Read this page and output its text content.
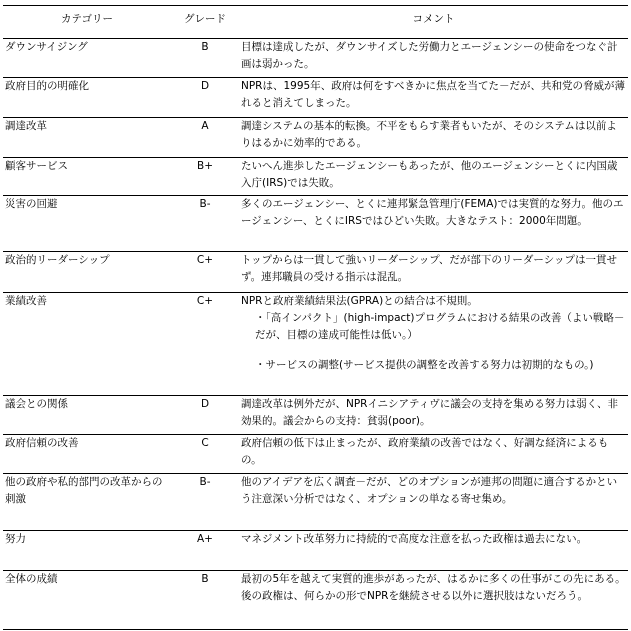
カテゴリー	グレード	コメント
ダウンサイジング	B	目標は達成したが、ダウンサイズした労働力とエージェンシーの使命をつなぐ計画は弱かった。
政府目的の明確化	D	NPRは、1995年、政府は何をすべきかに焦点を当てた－だが、共和党の脅威が薄れると消えてしまった。
調達改革	A	調達システムの基本的転換。不平をもらす業者もいたが、そのシステムは以前よりはるかに効率的である。
顧客サービス	B+	たいへん進歩したエージェンシーもあったが、他のエージェンシーとくに内国歳入庁(IRS)では失敗。
災害の回避	B-	多くのエージェンシー、とくに連邦緊急管理庁(FEMA)では実質的な努力。他のエージェンシー、とくにIRSではひどい失敗。大きなテスト：2000年問題。
政治的リーダーシップ	C+	トップからは一貫して強いリーダーシップ、だが部下のリーダーシップは一貫せず。連邦職員の受ける指示は混乱。
業績改善	C+	NPRと政府業績結果法(GPRA)との結合は不規則。
・「高インパクト」(high-impact)プログラムにおける結果の改善（よい戦略－だが、目標の達成可能性は低い。）
・サービスの調整(サービス提供の調整を改善する努力は初期的なもの。)

議会との関係	D	調達改革は例外だが、NPRイニシアティヴに議会の支持を集める努力は弱く、非効果的。議会からの支持：貧弱(poor)。
政府信頼の改善	C	政府信頼の低下は止まったが、政府業績の改善ではなく、好調な経済によるもの。
他の政府や私的部門の改革からの刺激	B-	他のアイデアを広く調査－だが、どのオプションが連邦の問題に適合するかという注意深い分析ではなく、オプションの単なる寄せ集め。
努力	A+	マネジメント改革努力に持続的で高度な注意を払った政権は過去にない。
全体の成績	B	最初の5年を越えて実質的進歩があったが、はるかに多くの仕事がこの先にある。後の政権は、何らかの形でNPRを継続させる以外に選択肢はないだろう。
